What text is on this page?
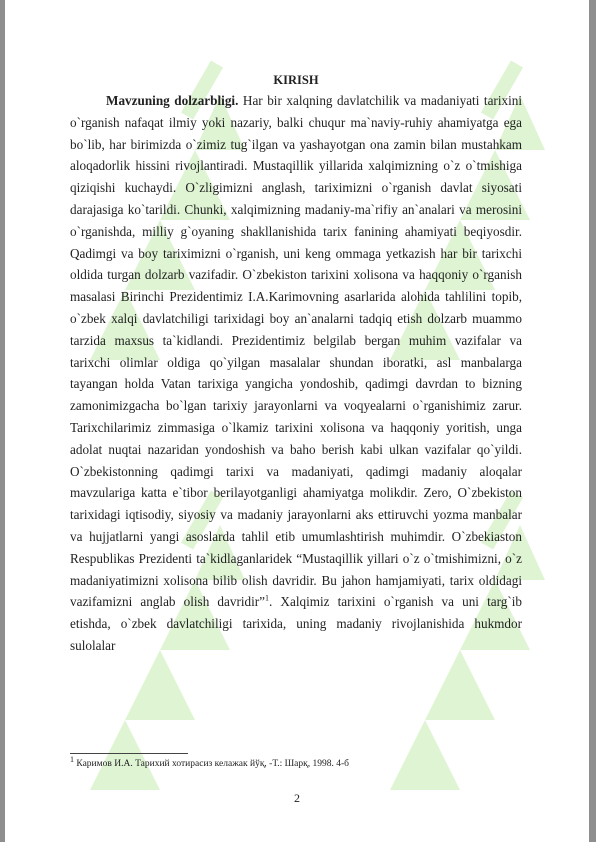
KIRISH

Mavzuning dolzarbligi. Har bir xalqning davlatchilik va madaniyati tarixini o`rganish nafaqat ilmiy yoki nazariy, balki chuqur ma`naviy-ruhiy ahamiyatga ega bo`lib, har birimizda o`zimiz tug`ilgan va yashayotgan ona zamin bilan mustahkam aloqadorlik hissini rivojlantiradi. Mustaqillik yillarida xalqimizning o`z o`tmishiga qiziqishi kuchaydi. O`zligimizni anglash, tariximizni o`rganish davlat siyosati darajasiga ko`tarildi. Chunki, xalqimizning madaniy-ma`rifiy an`analari va merosini o`rganishda, milliy g`oyaning shakllanishida tarix fanining ahamiyati beqiyosdir. Qadimgi va boy tariximizni o`rganish, uni keng ommaga yetkazish har bir tarixchi oldida turgan dolzarb vazifadir. O`zbekiston tarixini xolisona va haqqoniy o`rganish masalasi Birinchi Prezidentimiz I.A.Karimovning asarlarida alohida tahlilini topib, o`zbek xalqi davlatchiligi tarixidagi boy an`analarni tadqiq etish dolzarb muammo tarzida maxsus ta`kidlandi. Prezidentimiz belgilab bergan muhim vazifalar va tarixchi olimlar oldiga qo`yilgan masalalar shundan iboratki, asl manbalarga tayangan holda Vatan tarixiga yangicha yondoshib, qadimgi davrdan to bizning zamonimizgacha bo`lgan tarixiy jarayonlarni va voqyealarni o`rganishimiz zarur. Tarixchilarimiz zimmasiga o`lkamiz tarixini xolisona va haqqoniy yoritish, unga adolat nuqtai nazaridan yondoshish va baho berish kabi ulkan vazifalar qo`yildi. O`zbekistonning qadimgi tarixi va madaniyati, qadimgi madaniy aloqalar mavzulariga katta e`tibor berilayotganligi ahamiyatga molikdir. Zero, O`zbekiston tarixidagi iqtisodiy, siyosiy va madaniy jarayonlarni aks ettiruvchi yozma manbalar va hujjatlarni yangi asoslarda tahlil etib umumlashtirish muhimdir. O`zbekiaston Respublikas Prezidenti ta`kidlaganlaridek “Mustaqillik yillari o`z o`tmishimizni, o`z madaniyatimizni xolisona bilib olish davridir. Bu jahon hamjamiyati, tarix oldidagi vazifamizni anglab olish davridir”$^1$. Xalqimiz tarixini o`rganish va uni targ`ib etishda, o`zbek davlatchiligi tarixida, uning madaniy rivojlanishida hukmdor sulolalar

$^1$ Каримов И.А. Тарихий хотирасиз келажак йўқ, -Т.: Шарқ, 1998. 4-б
2
